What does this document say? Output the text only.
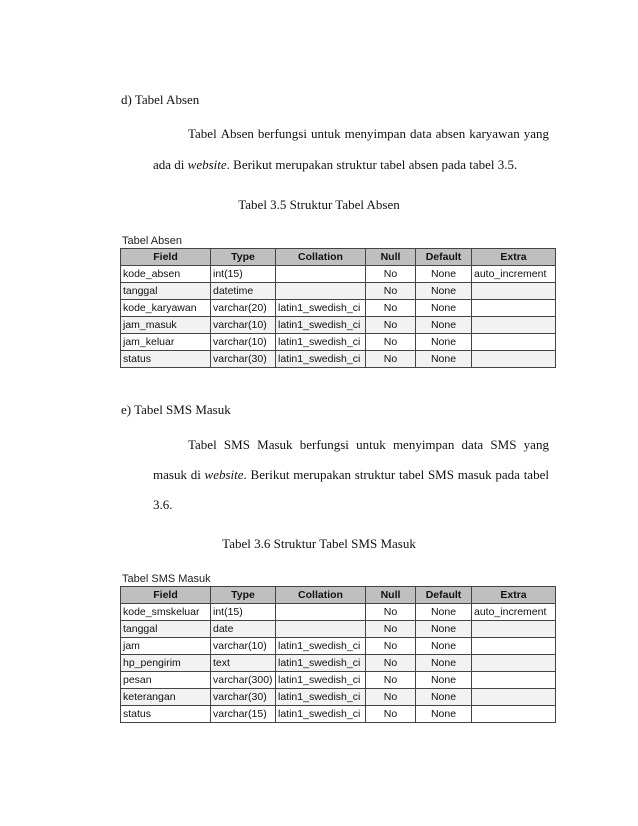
d) Tabel Absen
Tabel Absen berfungsi untuk menyimpan data absen karyawan yang
ada di website. Berikut merupakan struktur tabel absen pada tabel 3.5.
Tabel 3.5 Struktur Tabel Absen
Tabel Absen
Field	Type	Collation	Null	Default	Extra
kode_absen	int(15)		No	None	auto_increment
tanggal	datetime		No	None	
kode_karyawan	varchar(20)	latin1_swedish_ci	No	None	
jam_masuk	varchar(10)	latin1_swedish_ci	No	None	
jam_keluar	varchar(10)	latin1_swedish_ci	No	None	
status	varchar(30)	latin1_swedish_ci	No	None	
e) Tabel SMS Masuk
Tabel SMS Masuk berfungsi untuk menyimpan data SMS yang
masuk di website. Berikut merupakan struktur tabel SMS masuk pada tabel
3.6.
Tabel 3.6 Struktur Tabel SMS Masuk
Tabel SMS Masuk
Field	Type	Collation	Null	Default	Extra
kode_smskeluar	int(15)		No	None	auto_increment
tanggal	date		No	None	
jam	varchar(10)	latin1_swedish_ci	No	None	
hp_pengirim	text	latin1_swedish_ci	No	None	
pesan	varchar(300)	latin1_swedish_ci	No	None	
keterangan	varchar(30)	latin1_swedish_ci	No	None	
status	varchar(15)	latin1_swedish_ci	No	None	
